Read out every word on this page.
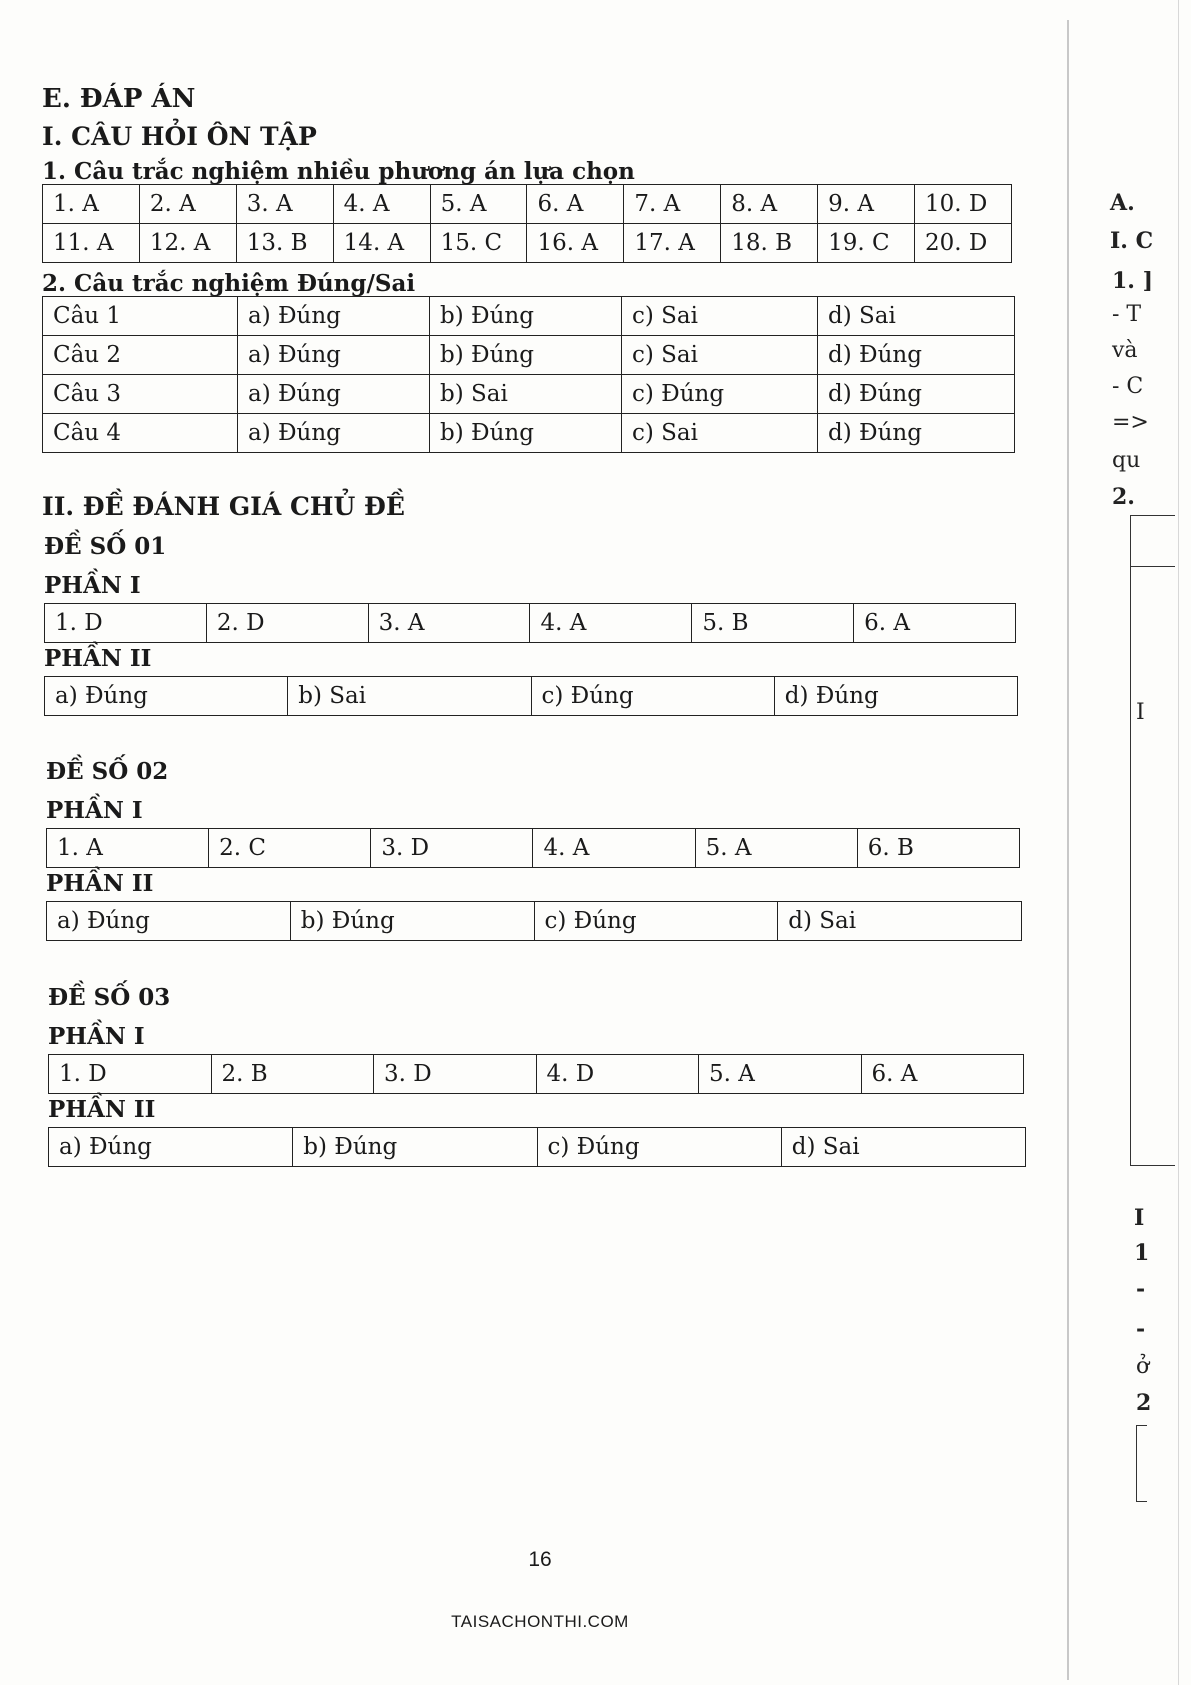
E. ĐÁP ÁN
I. CÂU HỎI ÔN TẬP
1. Câu trắc nghiệm nhiều phương án lựa chọn
1. A	2. A	3. A	4. A	5. A	6. A	7. A	8. A	9. A	10. D
11. A	12. A	13. B	14. A	15. C	16. A	17. A	18. B	19. C	20. D
2. Câu trắc nghiệm Đúng/Sai
Câu 1	a) Đúng	b) Đúng	c) Sai	d) Sai
Câu 2	a) Đúng	b) Đúng	c) Sai	d) Đúng
Câu 3	a) Đúng	b) Sai	c) Đúng	d) Đúng
Câu 4	a) Đúng	b) Đúng	c) Sai	d) Đúng
II. ĐỀ ĐÁNH GIÁ CHỦ ĐỀ
ĐỀ SỐ 01
PHẦN I
1. D	2. D	3. A	4. A	5. B	6. A
PHẦN II
a) Đúng	b) Sai	c) Đúng	d) Đúng
ĐỀ SỐ 02
PHẦN I
1. A	2. C	3. D	4. A	5. A	6. B
PHẦN II
a) Đúng	b) Đúng	c) Đúng	d) Sai
ĐỀ SỐ 03
PHẦN I
1. D	2. B	3. D	4. D	5. A	6. A
PHẦN II
a) Đúng	b) Đúng	c) Đúng	d) Sai
16
TAISACHONTHI.COM
A.
I. C
1. ]
- T
và
- C
=>
qu
2.
I
I
1
-
-
ở
2
